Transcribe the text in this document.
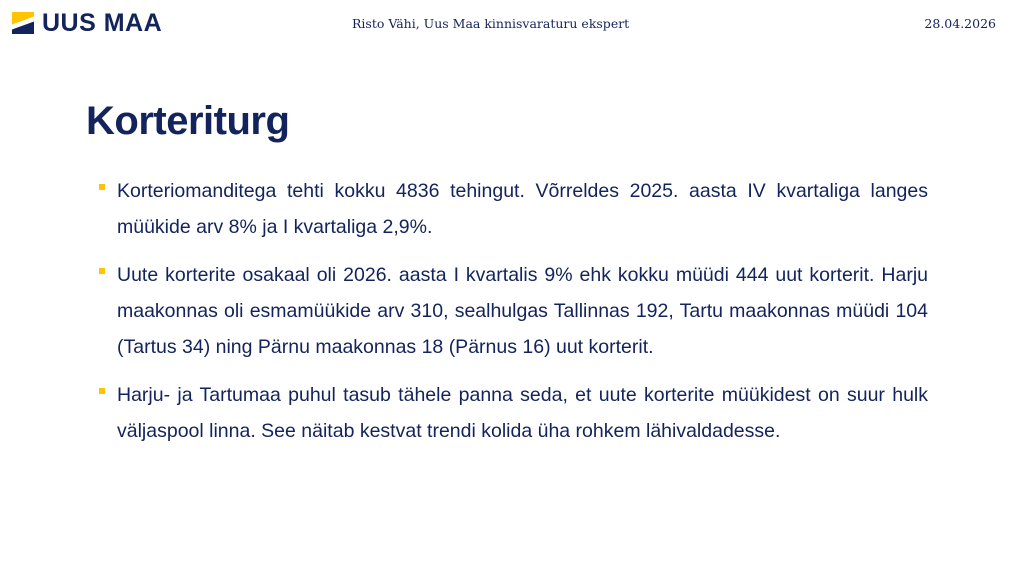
UUS MAA	Risto Vähi, Uus Maa kinnisvaraturu ekspert	28.04.2026
Korteriturg
Korteriomanditega tehti kokku 4836 tehingut. Võrreldes 2025. aasta IV kvartaliga langes müükide arv 8% ja I kvartaliga 2,9%.
Uute korterite osakaal oli 2026. aasta I kvartalis 9% ehk kokku müüdi 444 uut korterit. Harju maakonnas oli esmamüükide arv 310, sealhulgas Tallinnas 192, Tartu maakonnas müüdi 104 (Tartus 34) ning Pärnu maakonnas 18 (Pärnus 16) uut korterit.
Harju- ja Tartumaa puhul tasub tähele panna seda, et uute korterite müükidest on suur hulk väljaspool linna. See näitab kestvat trendi kolida üha rohkem lähivaldadesse.
